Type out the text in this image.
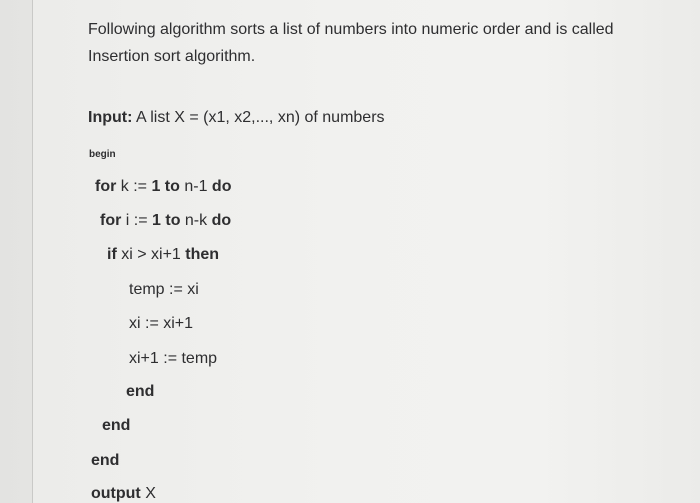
Following algorithm sorts a list of numbers into numeric order and is called
Insertion sort algorithm.
Input: A list X = (x1, x2,..., xn) of numbers
begin
for k := 1 to n-1 do
for i := 1 to n-k do
if xi > xi+1 then
temp := xi
xi := xi+1
xi+1 := temp
end
end
end
output X
